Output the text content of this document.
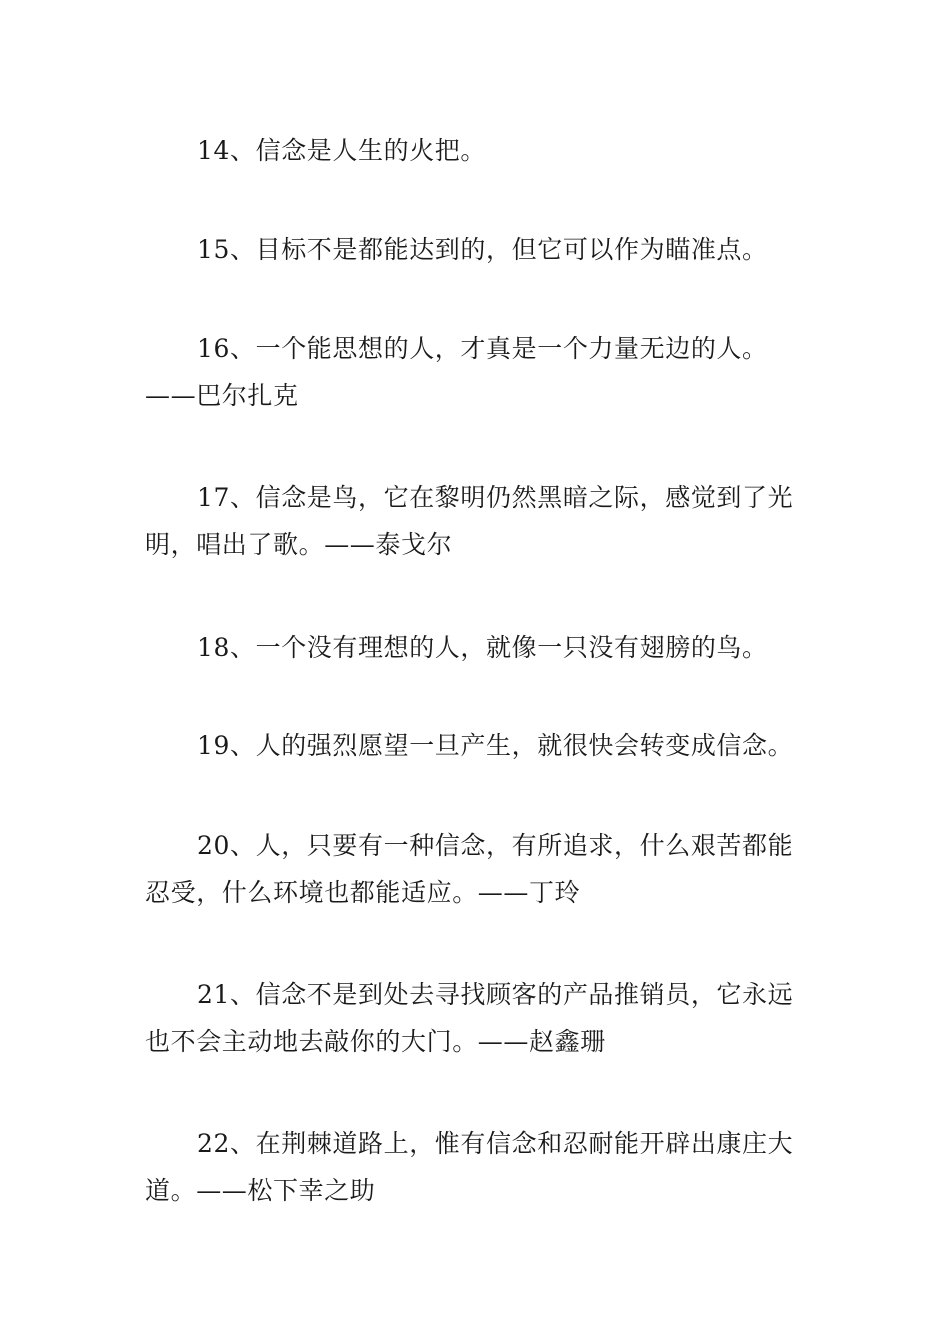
14、信念是人生的火把。

15、目标不是都能达到的，但它可以作为瞄准点。

16、一个能思想的人，才真是一个力量无边的人。——巴尔扎克

17、信念是鸟，它在黎明仍然黑暗之际，感觉到了光明，唱出了歌。——泰戈尔

18、一个没有理想的人，就像一只没有翅膀的鸟。

19、人的强烈愿望一旦产生，就很快会转变成信念。

20、人，只要有一种信念，有所追求，什么艰苦都能忍受，什么环境也都能适应。——丁玲

21、信念不是到处去寻找顾客的产品推销员，它永远也不会主动地去敲你的大门。——赵鑫珊

22、在荆棘道路上，惟有信念和忍耐能开辟出康庄大道。——松下幸之助
